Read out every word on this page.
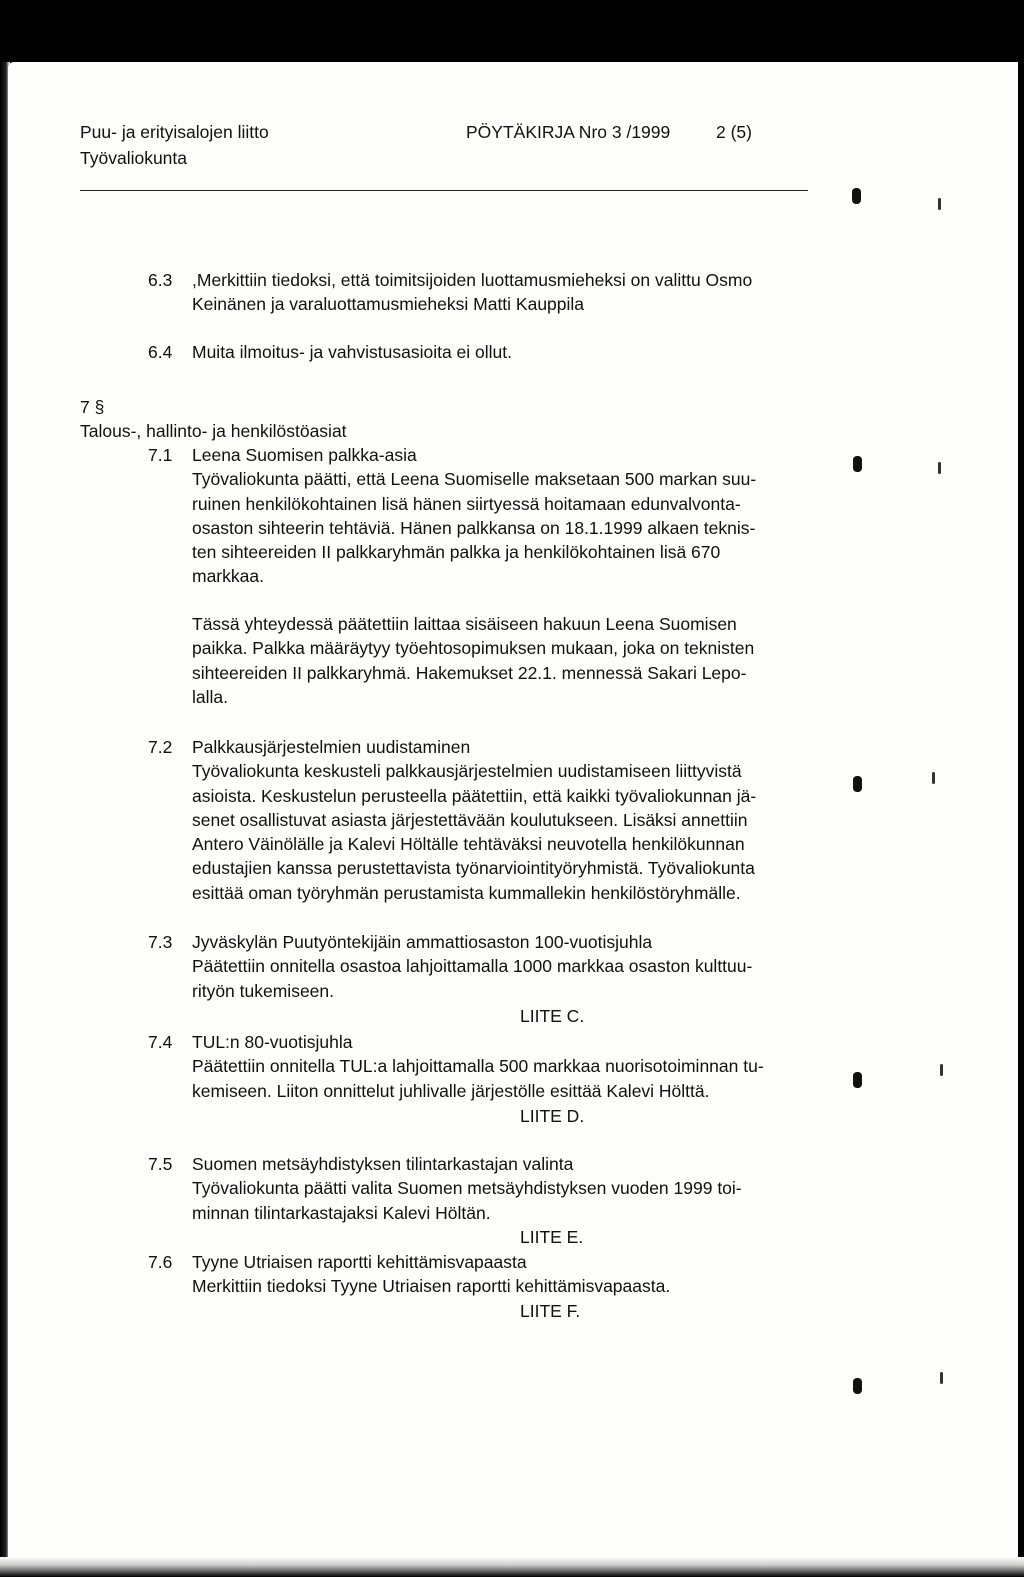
Puu- ja erityisalojen liitto
Työvaliokunta
PÖYTÄKIRJA Nro 3 /1999	2 (5)
6.3 ,Merkittiin tiedoksi, että toimitsijoiden luottamusmieheksi on valittu Osmo
Keinänen ja varaluottamusmieheksi Matti Kauppila
6.4 Muita ilmoitus- ja vahvistusasioita ei ollut.
7 §
Talous-, hallinto- ja henkilöstöasiat
7.1 Leena Suomisen palkka-asia
Työvaliokunta päätti, että Leena Suomiselle maksetaan 500 markan suu-
ruinen henkilökohtainen lisä hänen siirtyessä hoitamaan edunvalvonta-
osaston sihteerin tehtäviä. Hänen palkkansa on 18.1.1999 alkaen teknis-
ten sihteereiden II palkkaryhmän palkka ja henkilökohtainen lisä 670
markkaa.
Tässä yhteydessä päätettiin laittaa sisäiseen hakuun Leena Suomisen
paikka. Palkka määräytyy työehtosopimuksen mukaan, joka on teknisten
sihteereiden II palkkaryhmä. Hakemukset 22.1. mennessä Sakari Lepo-
lalla.
7.2 Palkkausjärjestelmien uudistaminen
Työvaliokunta keskusteli palkkausjärjestelmien uudistamiseen liittyvistä
asioista. Keskustelun perusteella päätettiin, että kaikki työvaliokunnan jä-
senet osallistuvat asiasta järjestettävään koulutukseen. Lisäksi annettiin
Antero Väinölälle ja Kalevi Höltälle tehtäväksi neuvotella henkilökunnan
edustajien kanssa perustettavista työnarviointityöryhmistä. Työvaliokunta
esittää oman työryhmän perustamista kummallekin henkilöstöryhmälle.
7.3 Jyväskylän Puutyöntekijäin ammattiosaston 100-vuotisjuhla
Päätettiin onnitella osastoa lahjoittamalla 1000 markkaa osaston kulttuu-
rityön tukemiseen.
LIITE C.
7.4 TUL:n 80-vuotisjuhla
Päätettiin onnitella TUL:a lahjoittamalla 500 markkaa nuorisotoiminnan tu-
kemiseen. Liiton onnittelut juhlivalle järjestölle esittää Kalevi Hölttä.
LIITE D.
7.5 Suomen metsäyhdistyksen tilintarkastajan valinta
Työvaliokunta päätti valita Suomen metsäyhdistyksen vuoden 1999 toi-
minnan tilintarkastajaksi Kalevi Höltän.
LIITE E.
7.6 Tyyne Utriaisen raportti kehittämisvapaasta
Merkittiin tiedoksi Tyyne Utriaisen raportti kehittämisvapaasta.
LIITE F.
